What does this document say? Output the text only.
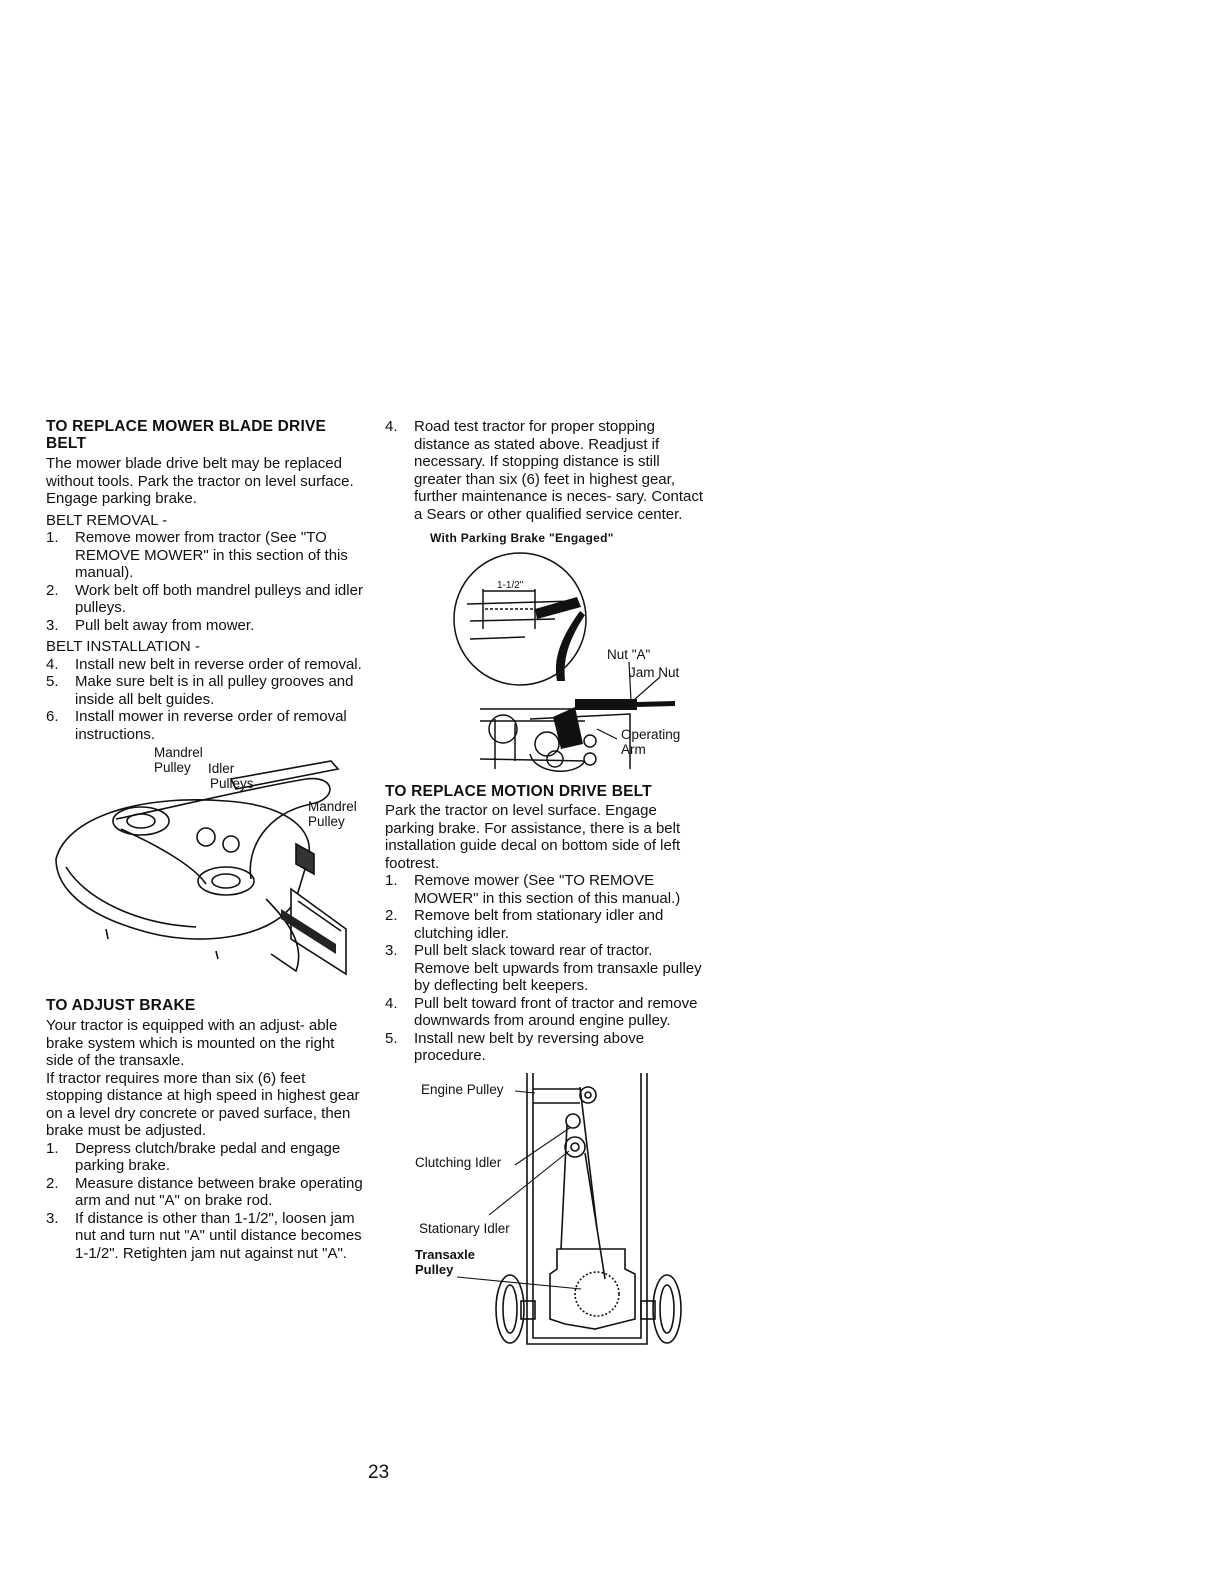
TO REPLACE MOWER BLADE DRIVE BELT

The mower blade drive belt may be replaced without tools. Park the tractor on level surface. Engage parking brake.

BELT REMOVAL -
1. Remove mower from tractor (See "TO REMOVE MOWER" in this section of this manual).
2. Work belt off both mandrel pulleys and idler pulleys.
3. Pull belt away from mower.
BELT INSTALLATION -
4. Install new belt in reverse order of removal.
5. Make sure belt is in all pulley grooves and inside all belt guides.
6. Install mower in reverse order of removal instructions.
Mandrel Pulley	Idler Pulleys
Mandrel Pulley
TO ADJUST BRAKE

Your tractor is equipped with an adjust- able brake system which is mounted on the right side of the transaxle.

If tractor requires more than six (6) feet stopping distance at high speed in highest gear on a level dry concrete or paved surface, then brake must be adjusted.

1. Depress clutch/brake pedal and engage parking brake.
2. Measure distance between brake operating arm and nut "A" on brake rod.
3. If distance is other than 1-1/2", loosen jam nut and turn nut "A" until distance becomes 1-1/2". Retighten jam nut against nut "A".
4. Road test tractor for proper stopping distance as stated above. Readjust if necessary. If stopping distance is still greater than six (6) feet in highest gear, further maintenance is neces- sary. Contact a Sears or other qualified service center.
With Parking Brake "Engaged"
1-1/2"
Nut "A"
Jam Nut
Operating Arm
TO REPLACE MOTION DRIVE BELT

Park the tractor on level surface. Engage parking brake. For assistance, there is a belt installation guide decal on bottom side of left footrest.

1. Remove mower (See "TO REMOVE MOWER" in this section of this manual.)
2. Remove belt from stationary idler and clutching idler.
3. Pull belt slack toward rear of tractor. Remove belt upwards from transaxle pulley by deflecting belt keepers.
4. Pull belt toward front of tractor and remove downwards from around engine pulley.
5. Install new belt by reversing above procedure.
Engine Pulley
Clutching Idler
Stationary Idler
Transaxle Pulley
23
